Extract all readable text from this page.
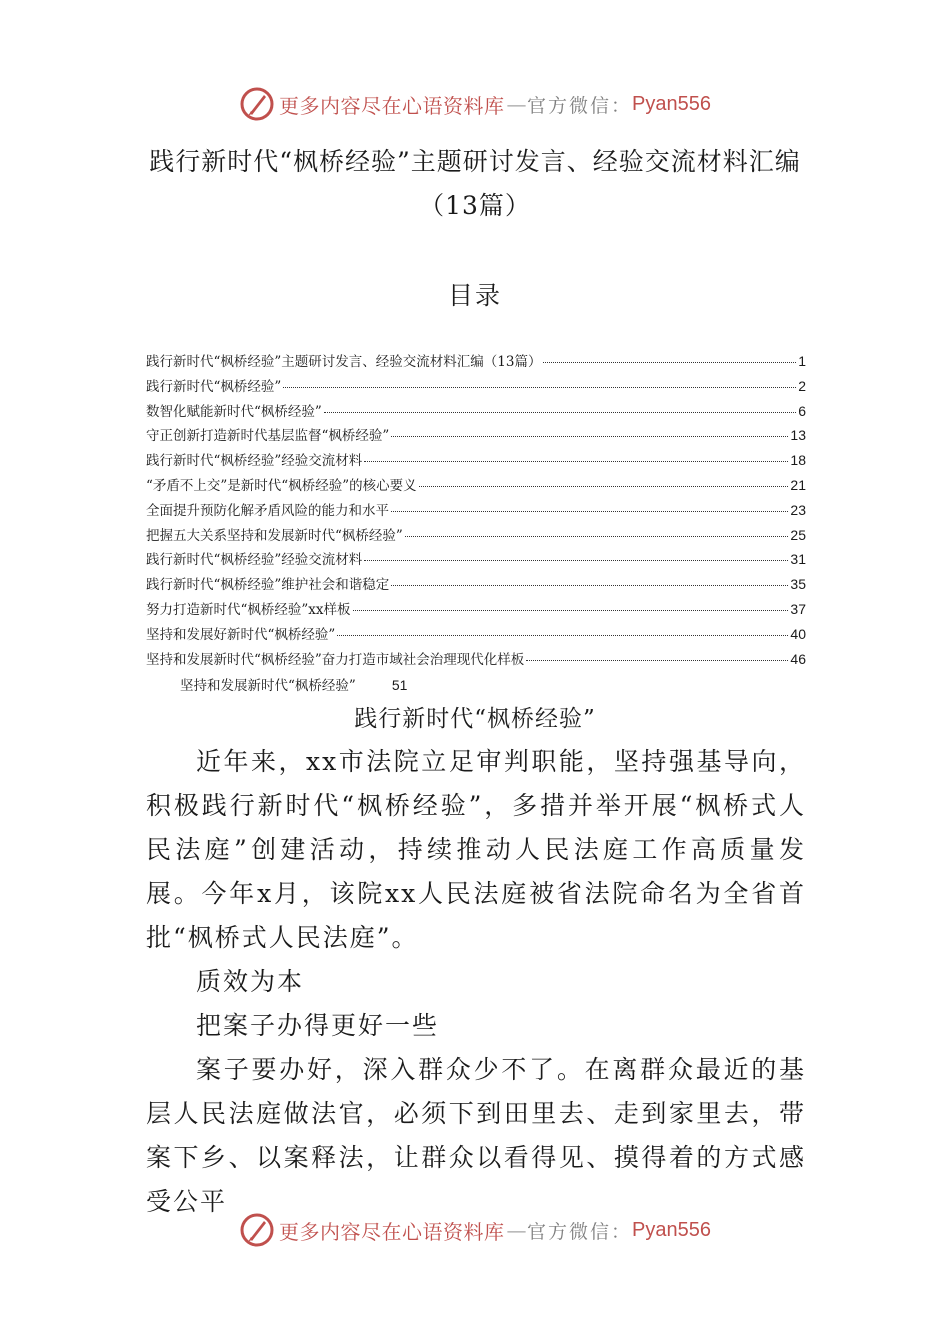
更多内容尽在心语资料库 — 官方微信： Pyan556
践行新时代“枫桥经验”主题研讨发言、经验交流材料汇编（13篇）
目录
践行新时代“枫桥经验”主题研讨发言、经验交流材料汇编（13篇）	1
践行新时代“枫桥经验”	2
数智化赋能新时代“枫桥经验”	6
守正创新打造新时代基层监督“枫桥经验”	13
践行新时代“枫桥经验”经验交流材料	18
“矛盾不上交”是新时代“枫桥经验”的核心要义	21
全面提升预防化解矛盾风险的能力和水平	23
把握五大关系坚持和发展新时代“枫桥经验”	25
践行新时代“枫桥经验”经验交流材料	31
践行新时代“枫桥经验”维护社会和谐稳定	35
努力打造新时代“枫桥经验”xx样板	37
坚持和发展好新时代“枫桥经验”	40
坚持和发展新时代“枫桥经验”奋力打造市域社会治理现代化样板	46
坚持和发展新时代“枫桥经验”	51
践行新时代“枫桥经验”

近年来，xx市法院立足审判职能，坚持强基导向，积极践行新时代“枫桥经验”，多措并举开展“枫桥式人民法庭”创建活动，持续推动人民法庭工作高质量发展。今年x月，该院xx人民法庭被省法院命名为全省首批“枫桥式人民法庭”。

质效为本

把案子办得更好一些

案子要办好，深入群众少不了。在离群众最近的基层人民法庭做法官，必须下到田里去、走到家里去，带案下乡、以案释法，让群众以看得见、摸得着的方式感受公平

更多内容尽在心语资料库 — 官方微信： Pyan556
